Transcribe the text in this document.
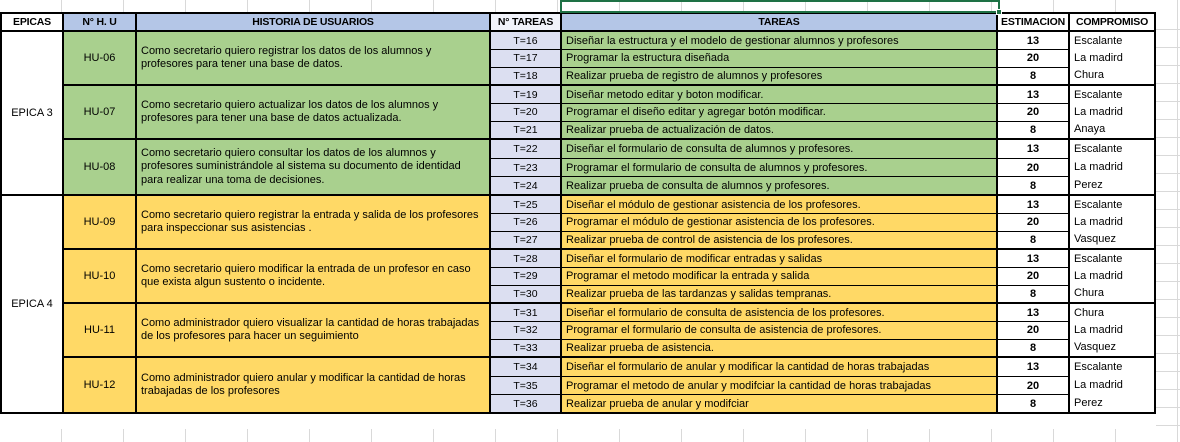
EPICAS	N° H. U	HISTORIA DE USUARIOS	N° TAREAS	TAREAS	ESTIMACION	COMPROMISO
EPICA 3
HU-06
Como secretario quiero registrar los datos de los alumnos y profesores para tener una base de datos.
T=16	Diseñar la estructura y el modelo de gestionar alumnos y profesores	13	Escalante
T=17	Programar la estructura diseñada	20	La madird
T=18	Realizar prueba de registro de alumnos y profesores	8	Chura
HU-07
Como secretario quiero actualizar los datos de los alumnos y profesores para tener una base de datos actualizada.
T=19	Diseñar metodo editar y boton modificar.	13	Escalante
T=20	Programar el diseño editar y agregar botón modificar.	20	La madrid
T=21	Realizar prueba de actualización de datos.	8	Anaya
HU-08
Como secretario quiero consultar los datos de los alumnos y profesores suministrándole al sistema su documento de identidad para realizar una toma de decisiones.
T=22	Diseñar el formulario de consulta de alumnos y profesores.	13	Escalante
T=23	Programar el formulario de consulta de alumnos y profesores.	20	La madrid
T=24	Realizar prueba de consulta de alumnos y profesores.	8	Perez
EPICA 4
HU-09
Como secretario quiero registrar la entrada y salida de los profesores para inspeccionar sus asistencias .
T=25	Diseñar el módulo de gestionar asistencia de los profesores.	13	Escalante
T=26	Programar el módulo de gestionar asistencia de los profesores.	20	La madrid
T=27	Realizar prueba de control de asistencia de los profesores.	8	Vasquez
HU-10
Como secretario quiero modificar la entrada de un profesor en caso que exista algun sustento o incidente.
T=28	Diseñar el formulario de modificar entradas y salidas	13	Escalante
T=29	Programar el metodo modificar la entrada y salida	20	La madrid
T=30	Realizar prueba de las tardanzas y salidas tempranas.	8	Chura
HU-11
Como administrador quiero visualizar la cantidad de horas trabajadas de los profesores para hacer un seguimiento
T=31	Diseñar el formulario de consulta de asistencia de los profesores.	13	Chura
T=32	Programar el formulario de consulta de asistencia de profesores.	20	La madrid
T=33	Realizar prueba de asistencia.	8	Vasquez
HU-12
Como administrador quiero anular y modificar la cantidad de horas trabajadas de los profesores
T=34	Diseñar el formulario de anular y modificar la cantidad de horas trabajadas	13	Escalante
T=35	Programar el metodo de anular y modifciar la cantidad de horas trabajadas	20	La madrid
T=36	Realizar prueba de anular y modifciar	8	Perez
